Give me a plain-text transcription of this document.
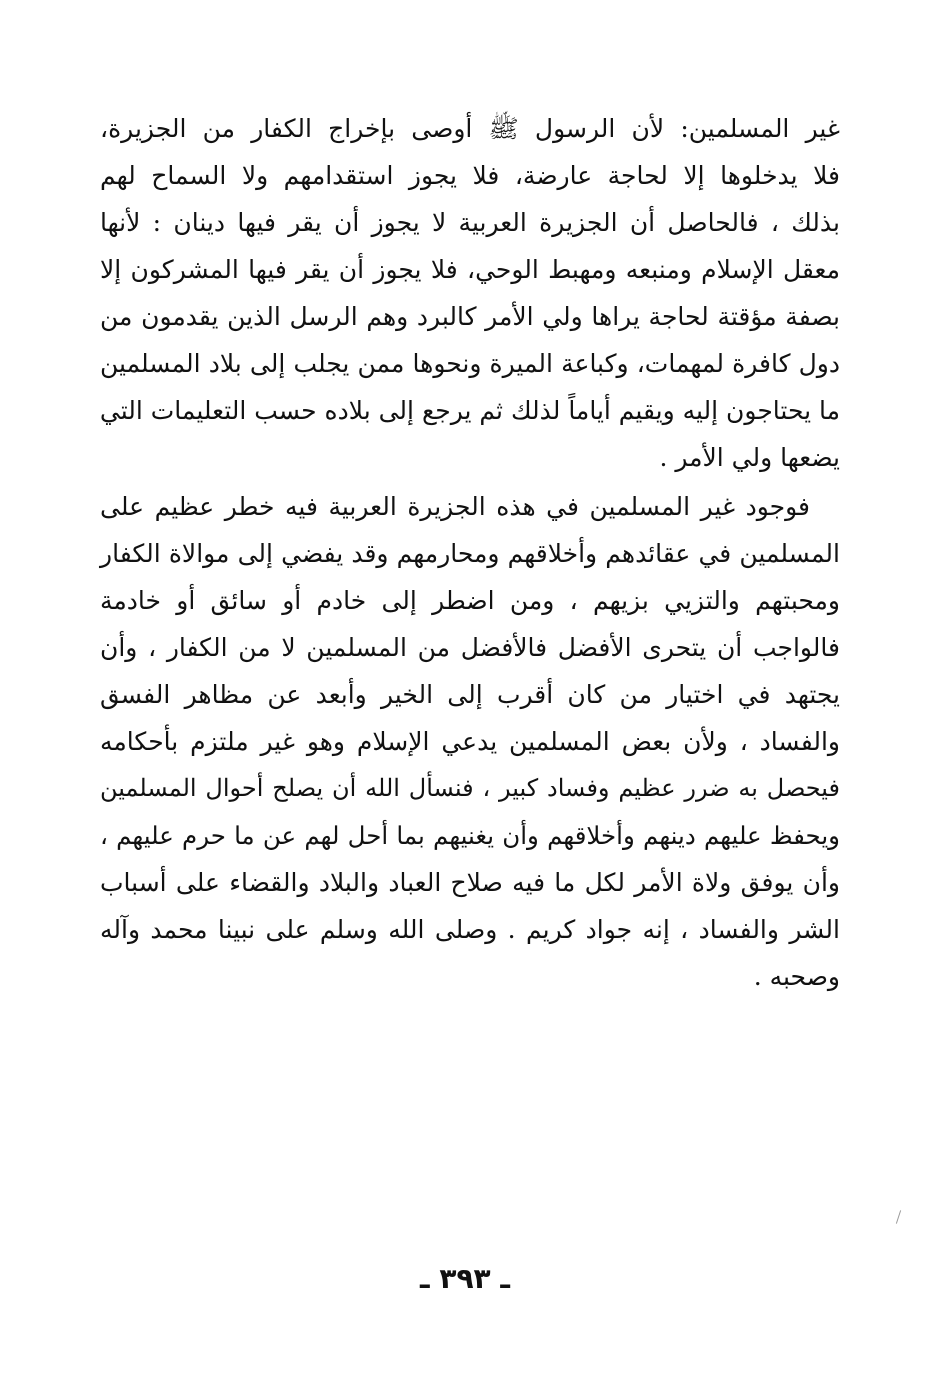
غير المسلمين: لأن الرسول ﷺ أوصى بإخراج الكفار من الجزيرة،
فلا يدخلوها إلا لحاجة عارضة، فلا يجوز استقدامهم ولا السماح لهم
بذلك ، فالحاصل أن الجزيرة العربية لا يجوز أن يقر فيها دينان : لأنها
معقل الإسلام ومنبعه ومهبط الوحي، فلا يجوز أن يقر فيها المشركون إلا
بصفة مؤقتة لحاجة يراها ولي الأمر كالبرد وهم الرسل الذين يقدمون من
دول كافرة لمهمات، وكباعة الميرة ونحوها ممن يجلب إلى بلاد المسلمين
ما يحتاجون إليه ويقيم أياماً لذلك ثم يرجع إلى بلاده حسب التعليمات التي
يضعها ولي الأمر .
فوجود غير المسلمين في هذه الجزيرة العربية فيه خطر عظيم على
المسلمين في عقائدهم وأخلاقهم ومحارمهم وقد يفضي إلى موالاة الكفار
ومحبتهم والتزيي بزيهم ، ومن اضطر إلى خادم أو سائق أو خادمة
فالواجب أن يتحرى الأفضل فالأفضل من المسلمين لا من الكفار ، وأن
يجتهد في اختيار من كان أقرب إلى الخير وأبعد عن مظاهر الفسق
والفساد ، ولأن بعض المسلمين يدعي الإسلام وهو غير ملتزم بأحكامه
فيحصل به ضرر عظيم وفساد كبير ، فنسأل الله أن يصلح أحوال المسلمين
ويحفظ عليهم دينهم وأخلاقهم وأن يغنيهم بما أحل لهم عن ما حرم عليهم ،
وأن يوفق ولاة الأمر لكل ما فيه صلاح العباد والبلاد والقضاء على أسباب
الشر والفساد ، إنه جواد كريم . وصلى الله وسلم على نبينا محمد وآله
وصحبه .
ـ ٣٩٣ ـ
